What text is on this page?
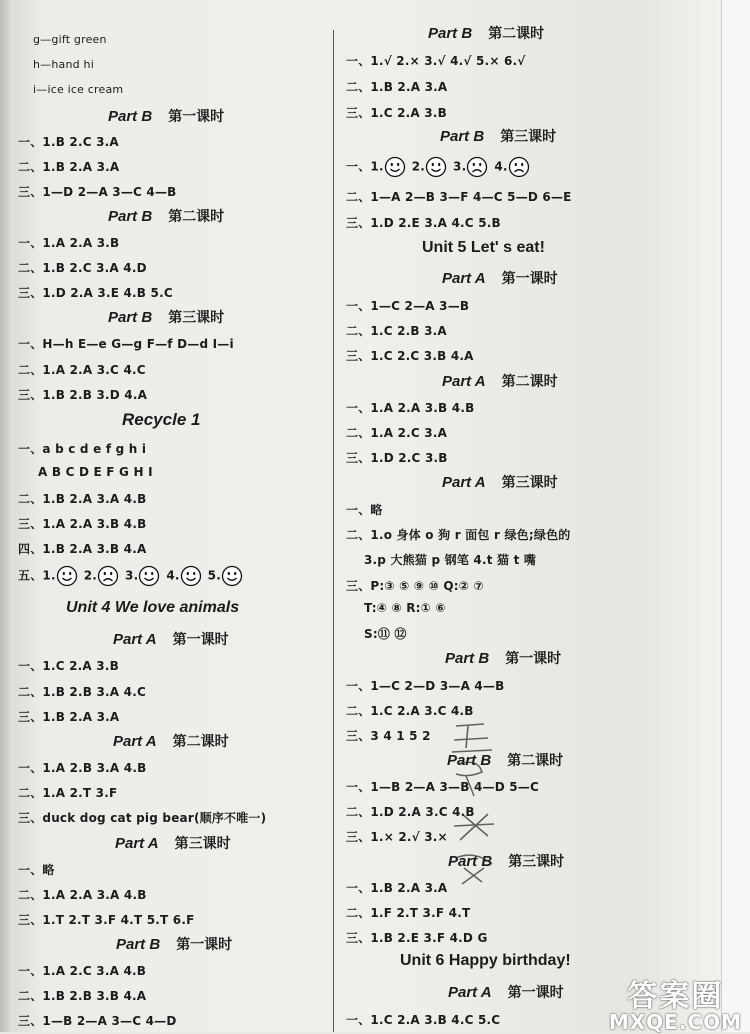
g—gift green
h—hand hi
i—ice ice cream
Part B 第一课时
一、1.B 2.C 3.A
二、1.B 2.A 3.A
三、1—D 2—A 3—C 4—B
Part B 第二课时
一、1.A 2.A 3.B
二、1.B 2.C 3.A 4.D
三、1.D 2.A 3.E 4.B 5.C
Part B 第三课时
一、H—h E—e G—g F—f D—d I—i
二、1.A 2.A 3.C 4.C
三、1.B 2.B 3.D 4.A
Recycle 1
一、a b c d e f g h i
A B C D E F G H I
二、1.B 2.A 3.A 4.B
三、1.A 2.A 3.B 4.B
四、1.B 2.A 3.B 4.A
五、1. 2. 3. 4. 5.
Unit 4 We love animals
Part A 第一课时
一、1.C 2.A 3.B
二、1.B 2.B 3.A 4.C
三、1.B 2.A 3.A
Part A 第二课时
一、1.A 2.B 3.A 4.B
二、1.A 2.T 3.F
三、duck dog cat pig bear(顺序不唯一)
Part A 第三课时
一、略
二、1.A 2.A 3.A 4.B
三、1.T 2.T 3.F 4.T 5.T 6.F
Part B 第一课时
一、1.A 2.C 3.A 4.B
二、1.B 2.B 3.B 4.A
三、1—B 2—A 3—C 4—D
Part B 第二课时
一、1.√ 2.× 3.√ 4.√ 5.× 6.√
二、1.B 2.A 3.A
三、1.C 2.A 3.B
Part B 第三课时
一、1. 2. 3. 4.
二、1—A 2—B 3—F 4—C 5—D 6—E
三、1.D 2.E 3.A 4.C 5.B
Unit 5 Let' s eat!
Part A 第一课时
一、1—C 2—A 3—B
二、1.C 2.B 3.A
三、1.C 2.C 3.B 4.A
Part A 第二课时
一、1.A 2.A 3.B 4.B
二、1.A 2.C 3.A
三、1.D 2.C 3.B
Part A 第三课时
一、略
二、1.o 身体 o 狗 r 面包 r 绿色;绿色的
3.p 大熊猫 p 钢笔 4.t 猫 t 嘴
三、P:③ ⑤ ⑨ ⑩ Q:② ⑦
T:④ ⑧ R:① ⑥
S:⑪ ⑫
Part B 第一课时
一、1—C 2—D 3—A 4—B
二、1.C 2.A 3.C 4.B
三、3 4 1 5 2
Part B 第二课时
一、1—B 2—A 3—B 4—D 5—C
二、1.D 2.A 3.C 4.B
三、1.× 2.√ 3.×
Part B 第三课时
一、1.B 2.A 3.A
二、1.F 2.T 3.F 4.T
三、1.B 2.E 3.F 4.D G
Unit 6 Happy birthday!
Part A 第一课时
一、1.C 2.A 3.B 4.C 5.C
答案圈
MXQE.COM
